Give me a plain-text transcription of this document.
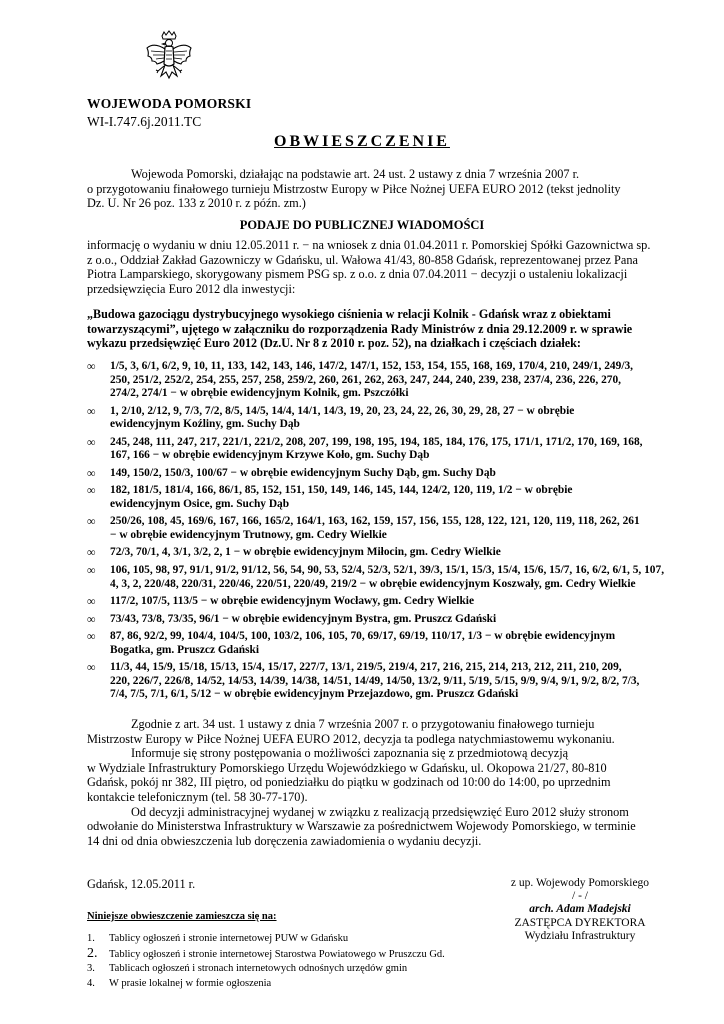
WOJEWODA POMORSKI
WI-I.747.6j.2011.TC
OBWIESZCZENIE
Wojewoda Pomorski, działając na podstawie art. 24 ust. 2 ustawy z dnia 7 września 2007 r.
o przygotowaniu finałowego turnieju Mistrzostw Europy w Piłce Nożnej UEFA EURO 2012 (tekst jednolity
Dz. U. Nr 26 poz. 133 z 2010 r. z późn. zm.)
PODAJE DO PUBLICZNEJ WIADOMOŚCI
informację o wydaniu w dniu 12.05.2011 r. − na wniosek z dnia 01.04.2011 r. Pomorskiej Spółki Gazownictwa sp.
z o.o., Oddział Zakład Gazowniczy w Gdańsku, ul. Wałowa 41/43, 80-858 Gdańsk, reprezentowanej przez Pana
Piotra Lamparskiego, skorygowany pismem PSG sp. z o.o. z dnia 07.04.2011 − decyzji o ustaleniu lokalizacji
przedsięwzięcia Euro 2012 dla inwestycji:
„Budowa gazociągu dystrybucyjnego wysokiego ciśnienia w relacji Kolnik - Gdańsk wraz z obiektami
towarzyszącymi”, ujętego w załączniku do rozporządzenia Rady Ministrów z dnia 29.12.2009 r. w sprawie
wykazu przedsięwzięć Euro 2012 (Dz.U. Nr 8 z 2010 r. poz. 52), na działkach i częściach działek:
∞ 1/5, 3, 6/1, 6/2, 9, 10, 11, 133, 142, 143, 146, 147/2, 147/1, 152, 153, 154, 155, 168, 169, 170/4, 210, 249/1, 249/3,
250, 251/2, 252/2, 254, 255, 257, 258, 259/2, 260, 261, 262, 263, 247, 244, 240, 239, 238, 237/4, 236, 226, 270,
274/2, 274/1 − w obrębie ewidencyjnym Kolnik, gm. Pszczółki
∞ 1, 2/10, 2/12, 9, 7/3, 7/2, 8/5, 14/5, 14/4, 14/1, 14/3, 19, 20, 23, 24, 22, 26, 30, 29, 28, 27 − w obrębie
ewidencyjnym Koźliny, gm. Suchy Dąb
∞ 245, 248, 111, 247, 217, 221/1, 221/2, 208, 207, 199, 198, 195, 194, 185, 184, 176, 175, 171/1, 171/2, 170, 169, 168,
167, 166 − w obrębie ewidencyjnym Krzywe Koło, gm. Suchy Dąb
∞ 149, 150/2, 150/3, 100/67 − w obrębie ewidencyjnym Suchy Dąb, gm. Suchy Dąb
∞ 182, 181/5, 181/4, 166, 86/1, 85, 152, 151, 150, 149, 146, 145, 144, 124/2, 120, 119, 1/2 − w obrębie
ewidencyjnym Osice, gm. Suchy Dąb
∞ 250/26, 108, 45, 169/6, 167, 166, 165/2, 164/1, 163, 162, 159, 157, 156, 155, 128, 122, 121, 120, 119, 118, 262, 261
− w obrębie ewidencyjnym Trutnowy, gm. Cedry Wielkie
∞ 72/3, 70/1, 4, 3/1, 3/2, 2, 1 − w obrębie ewidencyjnym Miłocin, gm. Cedry Wielkie
∞ 106, 105, 98, 97, 91/1, 91/2, 91/12, 56, 54, 90, 53, 52/4, 52/3, 52/1, 39/3, 15/1, 15/3, 15/4, 15/6, 15/7, 16, 6/2, 6/1, 5, 107,
4, 3, 2, 220/48, 220/31, 220/46, 220/51, 220/49, 219/2 − w obrębie ewidencyjnym Koszwały, gm. Cedry Wielkie
∞ 117/2, 107/5, 113/5 − w obrębie ewidencyjnym Wocławy, gm. Cedry Wielkie
∞ 73/43, 73/8, 73/35, 96/1 − w obrębie ewidencyjnym Bystra, gm. Pruszcz Gdański
∞ 87, 86, 92/2, 99, 104/4, 104/5, 100, 103/2, 106, 105, 70, 69/17, 69/19, 110/17, 1/3 − w obrębie ewidencyjnym
Bogatka, gm. Pruszcz Gdański
∞ 11/3, 44, 15/9, 15/18, 15/13, 15/4, 15/17, 227/7, 13/1, 219/5, 219/4, 217, 216, 215, 214, 213, 212, 211, 210, 209,
220, 226/7, 226/8, 14/52, 14/53, 14/39, 14/38, 14/51, 14/49, 14/50, 13/2, 9/11, 5/19, 5/15, 9/9, 9/4, 9/1, 9/2, 8/2, 7/3,
7/4, 7/5, 7/1, 6/1, 5/12 − w obrębie ewidencyjnym Przejazdowo, gm. Pruszcz Gdański
Zgodnie z art. 34 ust. 1 ustawy z dnia 7 września 2007 r. o przygotowaniu finałowego turnieju
Mistrzostw Europy w Piłce Nożnej UEFA EURO 2012, decyzja ta podlega natychmiastowemu wykonaniu.
Informuje się strony postępowania o możliwości zapoznania się z przedmiotową decyzją
w Wydziale Infrastruktury Pomorskiego Urzędu Wojewódzkiego w Gdańsku, ul. Okopowa 21/27, 80-810
Gdańsk, pokój nr 382, III piętro, od poniedziałku do piątku w godzinach od 10:00 do 14:00, po uprzednim
kontakcie telefonicznym (tel. 58 30-77-170).
Od decyzji administracyjnej wydanej w związku z realizacją przedsięwzięć Euro 2012 służy stronom
odwołanie do Ministerstwa Infrastruktury w Warszawie za pośrednictwem Wojewody Pomorskiego, w terminie
14 dni od dnia obwieszczenia lub doręczenia zawiadomienia o wydaniu decyzji.
Gdańsk, 12.05.2011 r.	z up. Wojewody Pomorskiego
/ - /
arch. Adam Madejski
ZASTĘPCA DYREKTORA
Wydziału Infrastruktury
Niniejsze obwieszczenie zamieszcza się na:
1. Tablicy ogłoszeń i stronie internetowej PUW w Gdańsku
2. Tablicy ogłoszeń i stronie internetowej Starostwa Powiatowego w Pruszczu Gd.
3. Tablicach ogłoszeń i stronach internetowych odnośnych urzędów gmin
4. W prasie lokalnej w formie ogłoszenia
